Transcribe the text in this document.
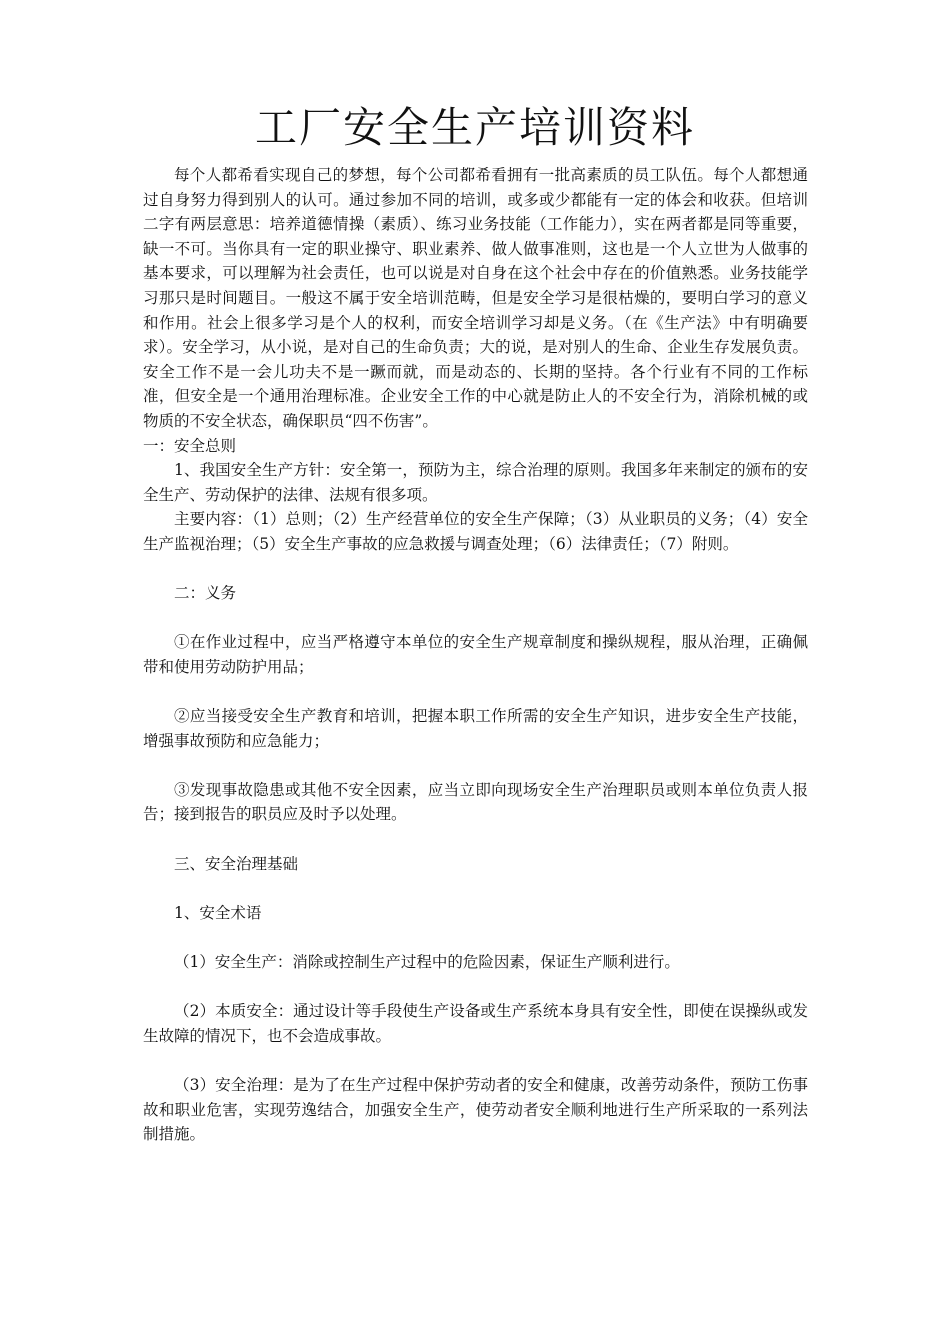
工厂安全生产培训资料

每个人都希看实现自己的梦想，每个公司都希看拥有一批高素质的员工队伍。每个人都想通过自身努力得到别人的认可。通过参加不同的培训，或多或少都能有一定的体会和收获。但培训二字有两层意思：培养道德情操（素质）、练习业务技能（工作能力），实在两者都是同等重要，缺一不可。当你具有一定的职业操守、职业素养、做人做事准则，这也是一个人立世为人做事的基本要求，可以理解为社会责任，也可以说是对自身在这个社会中存在的价值熟悉。业务技能学习那只是时间题目。一般这不属于安全培训范畴，但是安全学习是很枯燥的，要明白学习的意义和作用。社会上很多学习是个人的权利，而安全培训学习却是义务。（在《生产法》中有明确要求）。安全学习，从小说，是对自己的生命负责；大的说，是对别人的生命、企业生存发展负责。安全工作不是一会儿功夫不是一蹶而就，而是动态的、长期的坚持。各个行业有不同的工作标准，但安全是一个通用治理标准。企业安全工作的中心就是防止人的不安全行为，消除机械的或物质的不安全状态，确保职员“四不伤害”。

一：安全总则

1、我国安全生产方针：安全第一，预防为主，综合治理的原则。我国多年来制定的颁布的安全生产、劳动保护的法律、法规有很多项。

主要内容：（1）总则；（2）生产经营单位的安全生产保障；（3）从业职员的义务；（4）安全生产监视治理；（5）安全生产事故的应急救援与调查处理；（6）法律责任；（7）附则。

二：义务

①在作业过程中，应当严格遵守本单位的安全生产规章制度和操纵规程，服从治理，正确佩带和使用劳动防护用品；

②应当接受安全生产教育和培训，把握本职工作所需的安全生产知识，进步安全生产技能，增强事故预防和应急能力；

③发现事故隐患或其他不安全因素，应当立即向现场安全生产治理职员或则本单位负责人报告；接到报告的职员应及时予以处理。

三、安全治理基础

1、安全术语

（1）安全生产：消除或控制生产过程中的危险因素，保证生产顺利进行。

（2）本质安全：通过设计等手段使生产设备或生产系统本身具有安全性，即使在误操纵或发生故障的情况下，也不会造成事故。

（3）安全治理：是为了在生产过程中保护劳动者的安全和健康，改善劳动条件，预防工伤事故和职业危害，实现劳逸结合，加强安全生产，使劳动者安全顺利地进行生产所采取的一系列法制措施。
